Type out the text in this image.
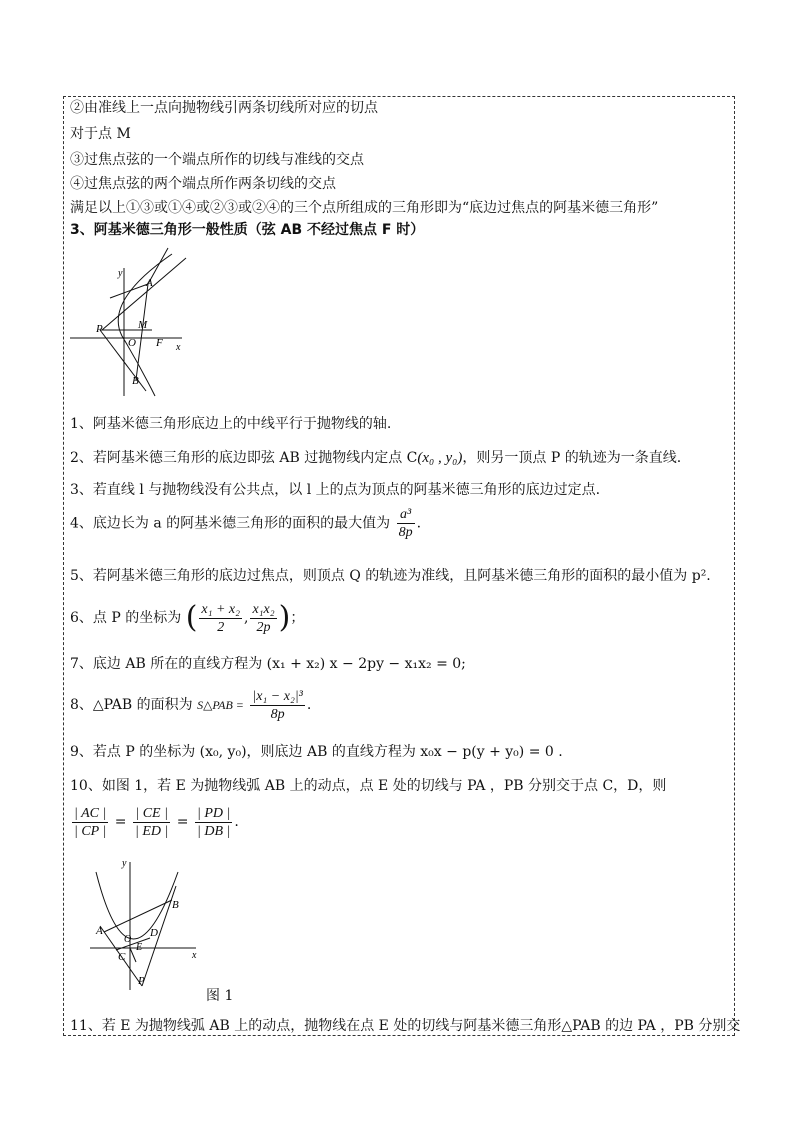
②由准线上一点向抛物线引两条切线所对应的切点
对于点 M
③过焦点弦的一个端点所作的切线与准线的交点
④过焦点弦的两个端点所作两条切线的交点
满足以上①③或①④或②③或②④的三个点所组成的三角形即为“底边过焦点的阿基米德三角形”
3、阿基米德三角形一般性质（弦 AB 不经过焦点 F 时）
y
x
A
B
P	M
O F
1、阿基米德三角形底边上的中线平行于抛物线的轴.
2、若阿基米德三角形的底边即弦 AB 过抛物线内定点 C(x₀ , y₀)，则另一顶点 P 的轨迹为一条直线.
3、若直线 l 与抛物线没有公共点，以 l 上的点为顶点的阿基米德三角形的底边过定点.
4、底边长为 a 的阿基米德三角形的面积的最大值为 $\frac{\text{a³}}{8p}$ .
5、若阿基米德三角形的底边过焦点，则顶点 Q 的轨迹为准线，且阿基米德三角形的面积的最小值为 p².
6、点 P 的坐标为 ( $\frac{\text{x₁ + x₂}}{2}$ , $\frac{\text{x₁x₂}}{2p}$ )；
7、底边 AB 所在的直线方程为 (x₁ + x₂) x − 2py − x₁x₂ = 0;
8、△PAB 的面积为 S△PAB = $\frac{\text{|x₁ − x₂|³}}{8p}$ .
9、若点 P 的坐标为 (x₀, y₀)，则底边 AB 的直线方程为 x₀x − p(y + y₀) = 0 .
10、如图 1，若 E 为抛物线弧 AB 上的动点，点 E 处的切线与 PA ，PB 分别交于点 C，D，则
$\frac{| AC |}{| CP |} = \frac{| CE |}{| ED |} = \frac{| PD |}{| DB |}$ .
y
x
A
B
P
C
D
E
O
图 1
11、若 E 为抛物线弧 AB 上的动点，抛物线在点 E 处的切线与阿基米德三角形△PAB 的边 PA ，PB 分别交
